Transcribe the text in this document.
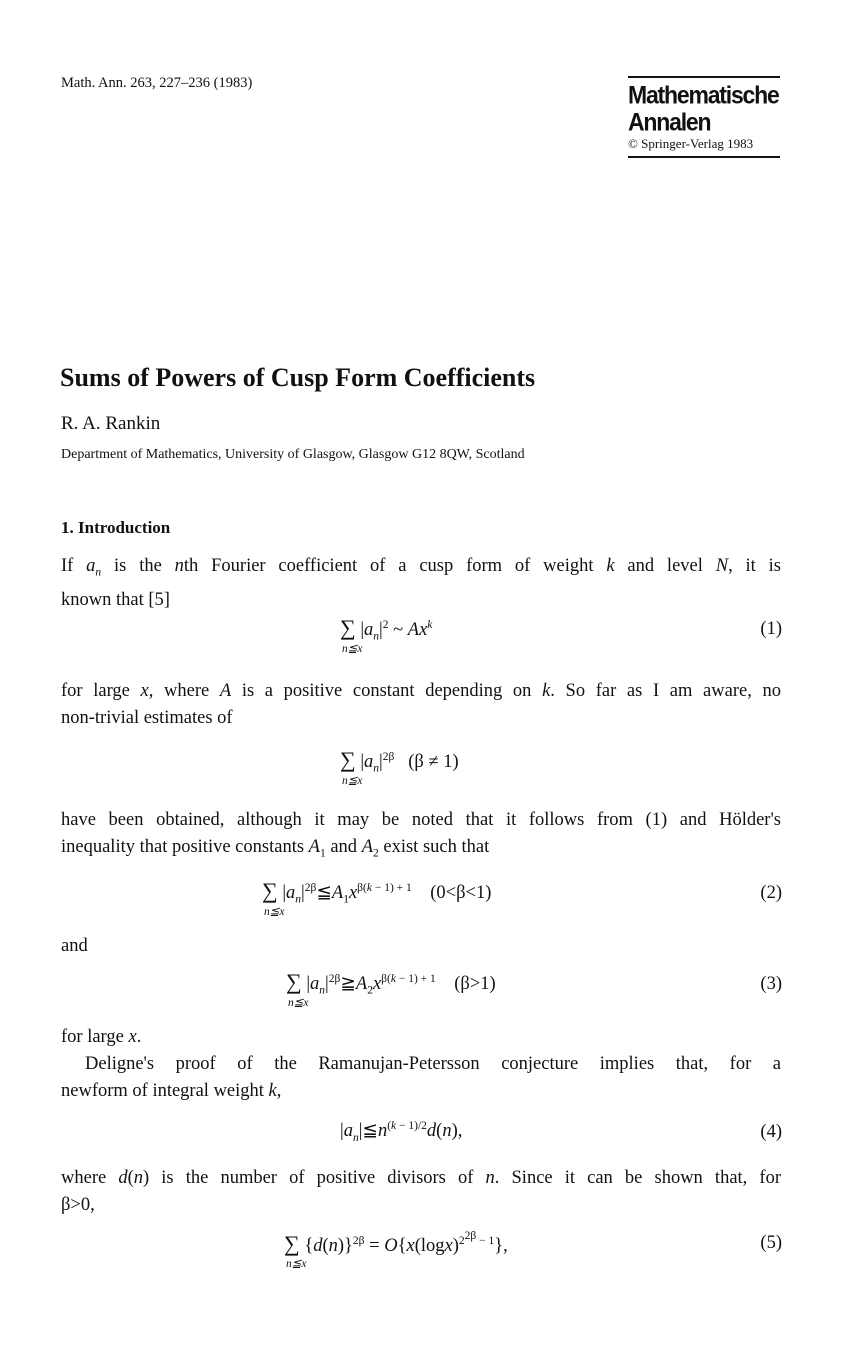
Math. Ann. 263, 227–236 (1983)	Mathematische
Annalen
© Springer-Verlag 1983
Sums of Powers of Cusp Form Coefficients
R. A. Rankin
Department of Mathematics, University of Glasgow, Glasgow G12 8QW, Scotland
1. Introduction
If $a_n$ is the nth Fourier coefficient of a cusp form of weight k and level N, it is
known that [5]
∑ $|a_n|^2$ ~ Ax$^k$
n≦x
(1)
for large x, where A is a positive constant depending on k. So far as I am aware, no
non-trivial estimates of
∑ $|a_n|^{2\beta}$ (β ≠ 1)
n≦x
have been obtained, although it may be noted that it follows from (1) and Hölder's
inequality that positive constants $A_1$ and $A_2$ exist such that
∑ $|a_n|^{2\beta}≦A_1x^{\beta(k - 1) + 1}$ (0<β<1)
n≦x
(2)
and
∑ $|a_n|^{2\beta}≧A_2x^{\beta(k - 1) + 1}$ (β>1)
n≦x
(3)
for large x.
Deligne's proof of the Ramanujan-Petersson conjecture implies that, for a
newform of integral weight k,
$|a_n|≦n^{(k - 1)/2}d(n)$,	(4)
where d(n) is the number of positive divisors of n. Since it can be shown that, for
β>0,
∑ $\{d(n)\}^{2\beta} = O\{x(\log x)^{2^{2\beta} - 1}\}$,
n≦x
(5)
